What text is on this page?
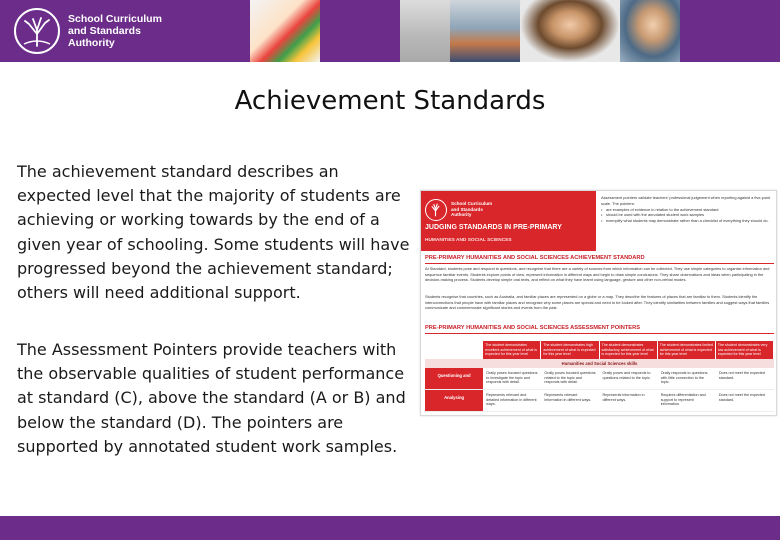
School Curriculum
and Standards
Authority
Achievement Standards
The achievement standard describes an expected level that the majority of students are achieving or working towards by the end of a given year of schooling. Some students will have progressed beyond the achievement standard; others will need additional support.
The Assessment Pointers provide teachers with the observable qualities of student performance at standard (C), above the standard (A or B) and below the standard (D). The pointers are supported by annotated student work samples.
School Curriculum
and Standards
Authority
JUDGING STANDARDS IN PRE-PRIMARY
HUMANITIES AND SOCIAL SCIENCES
Assessment pointers validate teachers' professional judgement when reporting against a five-point scale. The pointers:
• are examples of evidence in relation to the achievement standard
• should be used with the annotated student work samples
• exemplify what students may demonstrate rather than a checklist of everything they should do.
PRE-PRIMARY HUMANITIES AND SOCIAL SCIENCES ACHIEVEMENT STANDARD
At Standard, students pose and respond to questions, and recognise that there are a variety of sources from which information can be collected. They use simple categories to organise information and sequence familiar events. Students explore points of view, represent information in different ways and begin to draw simple conclusions. They share observations and ideas when participating in the decision-making process. Students develop simple oral texts, and reflect on what they have learnt using language, gesture and other non-verbal modes.
Students recognise that countries, such as Australia, and familiar places are represented on a globe or a map. They describe the features of places that are familiar to them. Students identify the interconnections that people have with familiar places and recognise why some places are special and need to be looked after. They identify similarities between families and suggest ways that families communicate and commemorate significant stories and events from the past.
PRE-PRIMARY HUMANITIES AND SOCIAL SCIENCES ASSESSMENT POINTERS
The student demonstrates excellent achievement of what is expected for this year level
The student demonstrates high achievement of what is expected for this year level
The student demonstrates satisfactory achievement of what is expected for this year level
The student demonstrates limited achievement of what is expected for this year level
The student demonstrates very low achievement of what is expected for this year level
Humanities and Social Sciences skills
Questioning and	Orally poses focused questions to investigate the topic and responds with detail.
Orally poses focused questions related to the topic and responds with detail.
Orally poses and responds to questions related to the topic.
Orally responds to questions with little connection to the topic.
Does not meet the expected standard.
Analysing	Represents relevant and detailed information in different ways.
Represents relevant information in different ways.
Represents information in different ways.
Requires differentiation and support to represent information.
Does not meet the expected standard.
